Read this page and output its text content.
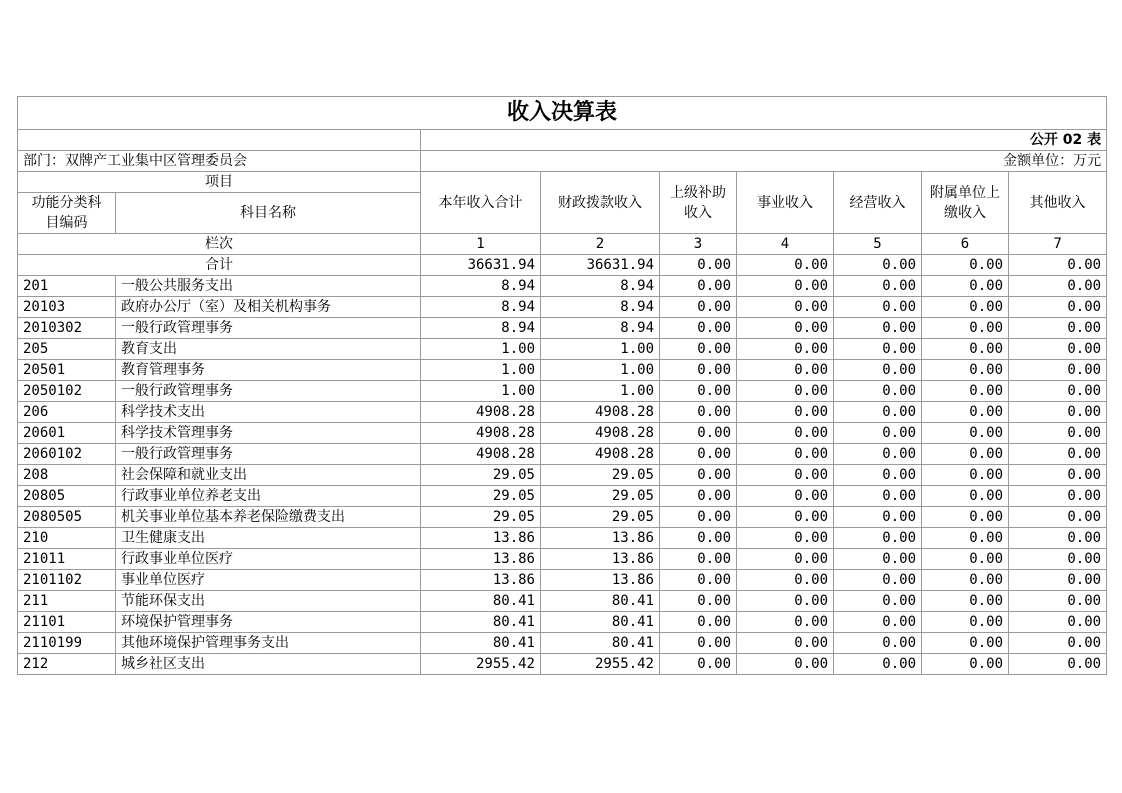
收入决算表								
		公开 02 表						
部门：双牌产工业集中区管理委员会		金额单位：万元						
项目		本年收入合计	财政拨款收入	上级补助收入	事业收入	经营收入	附属单位上缴收入	其他收入
功能分类科目编码	科目名称							
栏次		1	2	3	4	5	6	7
合计		36631.94	36631.94	0.00	0.00	0.00	0.00	0.00
201	一般公共服务支出	8.94	8.94	0.00	0.00	0.00	0.00	0.00
20103	政府办公厅（室）及相关机构事务	8.94	8.94	0.00	0.00	0.00	0.00	0.00
2010302	一般行政管理事务	8.94	8.94	0.00	0.00	0.00	0.00	0.00
205	教育支出	1.00	1.00	0.00	0.00	0.00	0.00	0.00
20501	教育管理事务	1.00	1.00	0.00	0.00	0.00	0.00	0.00
2050102	一般行政管理事务	1.00	1.00	0.00	0.00	0.00	0.00	0.00
206	科学技术支出	4908.28	4908.28	0.00	0.00	0.00	0.00	0.00
20601	科学技术管理事务	4908.28	4908.28	0.00	0.00	0.00	0.00	0.00
2060102	一般行政管理事务	4908.28	4908.28	0.00	0.00	0.00	0.00	0.00
208	社会保障和就业支出	29.05	29.05	0.00	0.00	0.00	0.00	0.00
20805	行政事业单位养老支出	29.05	29.05	0.00	0.00	0.00	0.00	0.00
2080505	机关事业单位基本养老保险缴费支出	29.05	29.05	0.00	0.00	0.00	0.00	0.00
210	卫生健康支出	13.86	13.86	0.00	0.00	0.00	0.00	0.00
21011	行政事业单位医疗	13.86	13.86	0.00	0.00	0.00	0.00	0.00
2101102	事业单位医疗	13.86	13.86	0.00	0.00	0.00	0.00	0.00
211	节能环保支出	80.41	80.41	0.00	0.00	0.00	0.00	0.00
21101	环境保护管理事务	80.41	80.41	0.00	0.00	0.00	0.00	0.00
2110199	其他环境保护管理事务支出	80.41	80.41	0.00	0.00	0.00	0.00	0.00
212	城乡社区支出	2955.42	2955.42	0.00	0.00	0.00	0.00	0.00
